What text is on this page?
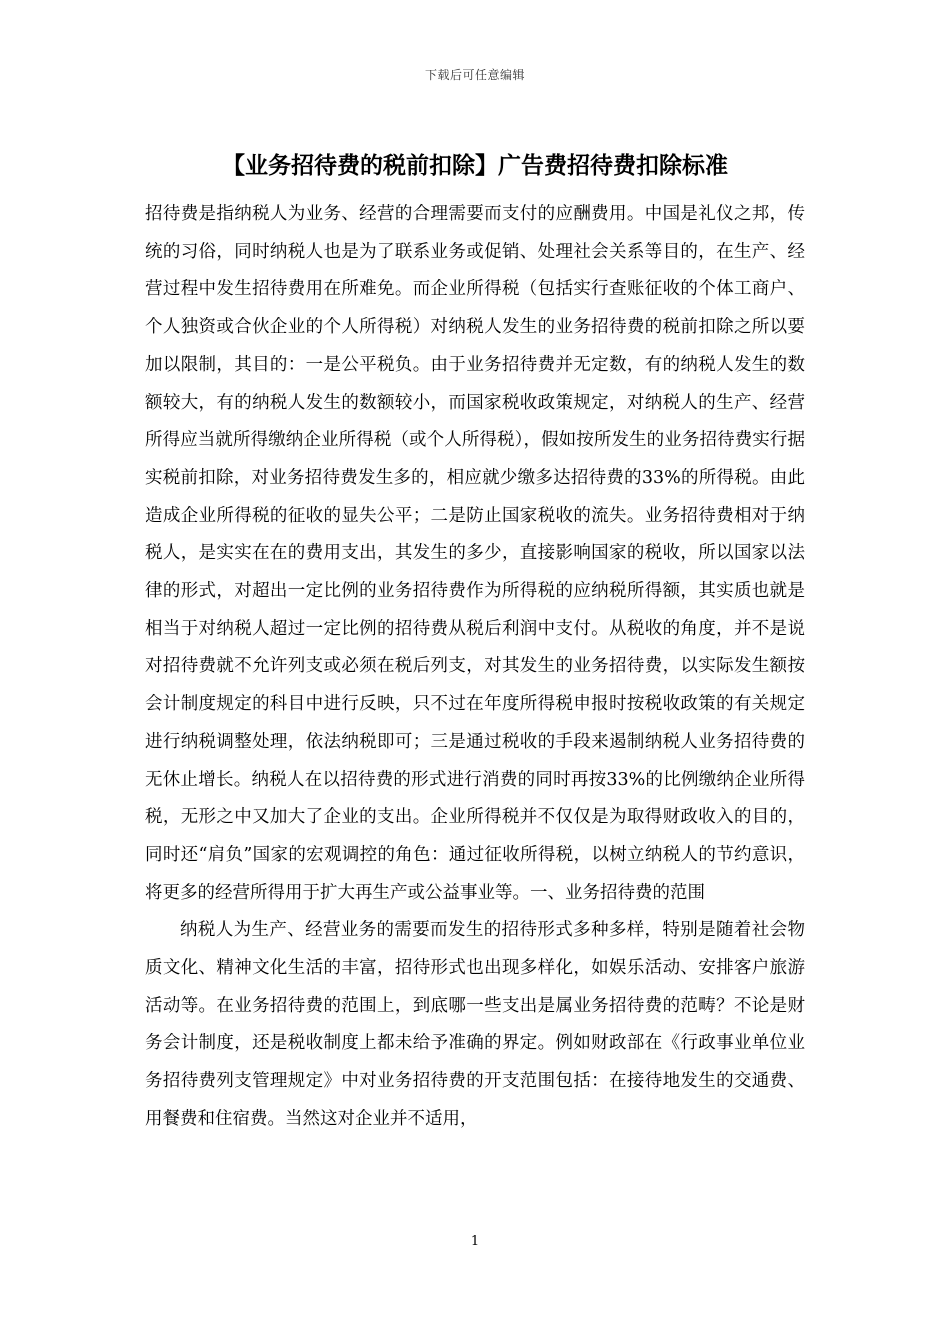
下载后可任意编辑
【业务招待费的税前扣除】广告费招待费扣除标准

招待费是指纳税人为业务、经营的合理需要而支付的应酬费用。中国是礼仪之邦，传统的习俗，同时纳税人也是为了联系业务或促销、处理社会关系等目的，在生产、经营过程中发生招待费用在所难免。而企业所得税（包括实行查账征收的个体工商户、个人独资或合伙企业的个人所得税）对纳税人发生的业务招待费的税前扣除之所以要加以限制，其目的：一是公平税负。由于业务招待费并无定数，有的纳税人发生的数额较大，有的纳税人发生的数额较小，而国家税收政策规定，对纳税人的生产、经营所得应当就所得缴纳企业所得税（或个人所得税），假如按所发生的业务招待费实行据实税前扣除，对业务招待费发生多的，相应就少缴多达招待费的33%的所得税。由此造成企业所得税的征收的显失公平；二是防止国家税收的流失。业务招待费相对于纳税人，是实实在在的费用支出，其发生的多少，直接影响国家的税收，所以国家以法律的形式，对超出一定比例的业务招待费作为所得税的应纳税所得额，其实质也就是相当于对纳税人超过一定比例的招待费从税后利润中支付。从税收的角度，并不是说对招待费就不允许列支或必须在税后列支，对其发生的业务招待费，以实际发生额按会计制度规定的科目中进行反映，只不过在年度所得税申报时按税收政策的有关规定进行纳税调整处理，依法纳税即可；三是通过税收的手段来遏制纳税人业务招待费的无休止增长。纳税人在以招待费的形式进行消费的同时再按33%的比例缴纳企业所得税，无形之中又加大了企业的支出。企业所得税并不仅仅是为取得财政收入的目的，同时还“肩负”国家的宏观调控的角色：通过征收所得税，以树立纳税人的节约意识，将更多的经营所得用于扩大再生产或公益事业等。一、业务招待费的范围

纳税人为生产、经营业务的需要而发生的招待形式多种多样，特别是随着社会物质文化、精神文化生活的丰富，招待形式也出现多样化，如娱乐活动、安排客户旅游活动等。在业务招待费的范围上，到底哪一些支出是属业务招待费的范畴？不论是财务会计制度，还是税收制度上都未给予准确的界定。例如财政部在《行政事业单位业务招待费列支管理规定》中对业务招待费的开支范围包括：在接待地发生的交通费、用餐费和住宿费。当然这对企业并不适用，

1
